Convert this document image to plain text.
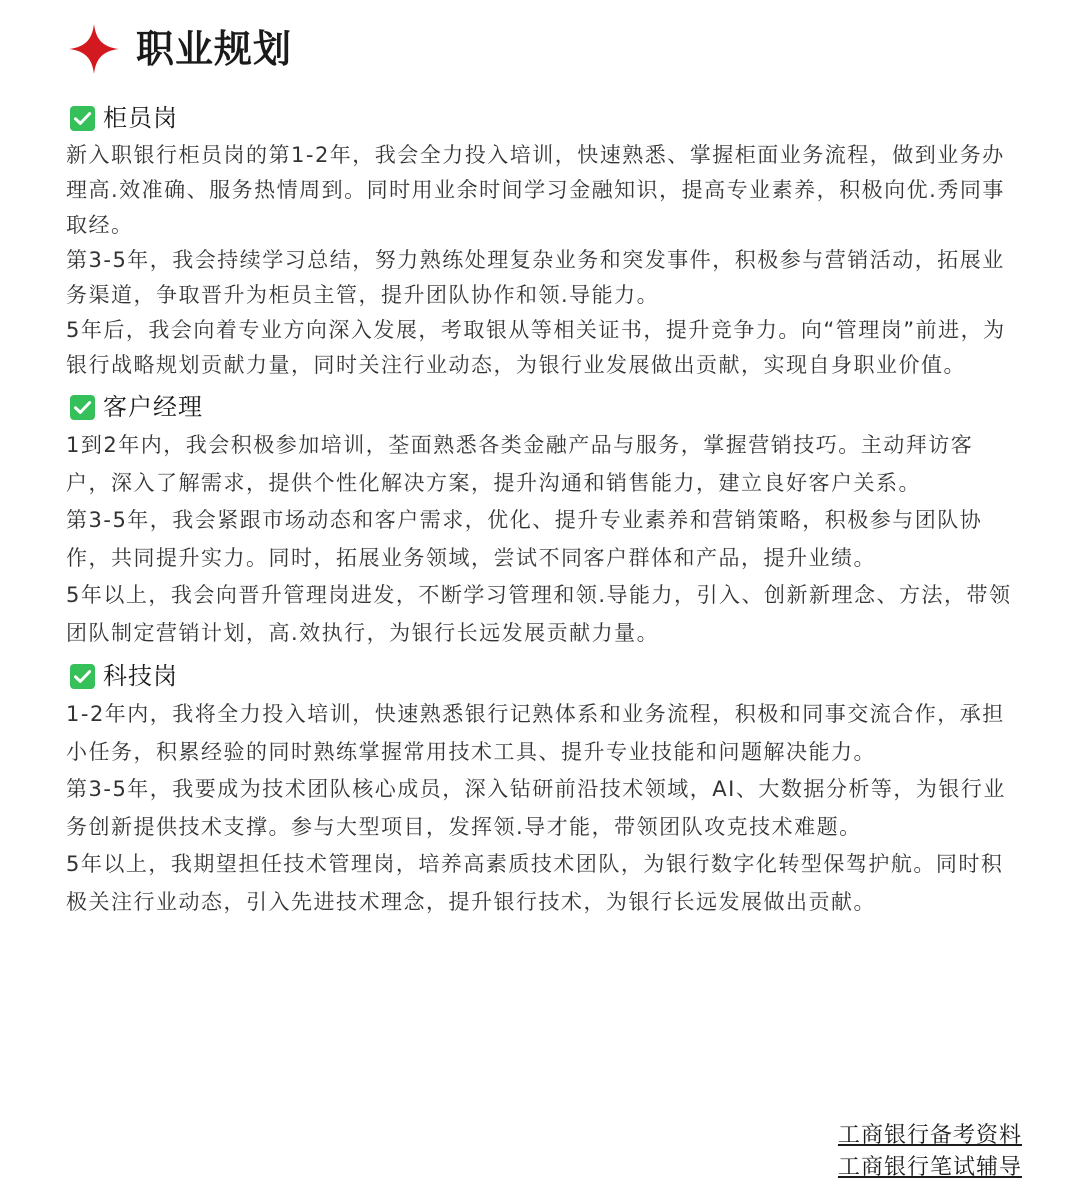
职业规划
柜员岗

新入职银行柜员岗的第1-2年，我会全力投入培训，快速熟悉、掌握柜面业务流程，做到业务办理高.效准确、服务热情周到。同时用业余时间学习金融知识，提高专业素养，积极向优.秀同事取经。

第3-5年，我会持续学习总结，努力熟练处理复杂业务和突发事件，积极参与营销活动，拓展业务渠道，争取晋升为柜员主管，提升团队协作和领.导能力。

5年后，我会向着专业方向深入发展，考取银从等相关证书，提升竞争力。向“管理岗”前进，为银行战略规划贡献力量，同时关注行业动态，为银行业发展做出贡献，实现自身职业价值。

客户经理

1到2年内，我会积极参加培训，荃面熟悉各类金融产品与服务，掌握营销技巧。主动拜访客户，深入了解需求，提供个性化解决方案，提升沟通和销售能力，建立良好客户关系。

第3-5年，我会紧跟市场动态和客户需求，优化、提升专业素养和营销策略，积极参与团队协作，共同提升实力。同时，拓展业务领域，尝试不同客户群体和产品，提升业绩。

5年以上，我会向晋升管理岗进发，不断学习管理和领.导能力，引入、创新新理念、方法，带领团队制定营销计划，高.效执行，为银行长远发展贡献力量。

科技岗

1-2年内，我将全力投入培训，快速熟悉银行记熟体系和业务流程，积极和同事交流合作，承担小任务，积累经验的同时熟练掌握常用技术工具、提升专业技能和问题解决能力。

第3-5年，我要成为技术团队核心成员，深入钻研前沿技术领域，AI、大数据分析等，为银行业务创新提供技术支撑。参与大型项目，发挥领.导才能，带领团队攻克技术难题。

5年以上，我期望担任技术管理岗，培养高素质技术团队，为银行数字化转型保驾护航。同时积极关注行业动态，引入先进技术理念，提升银行技术，为银行长远发展做出贡献。

工商银行备考资料
工商银行笔试辅导
